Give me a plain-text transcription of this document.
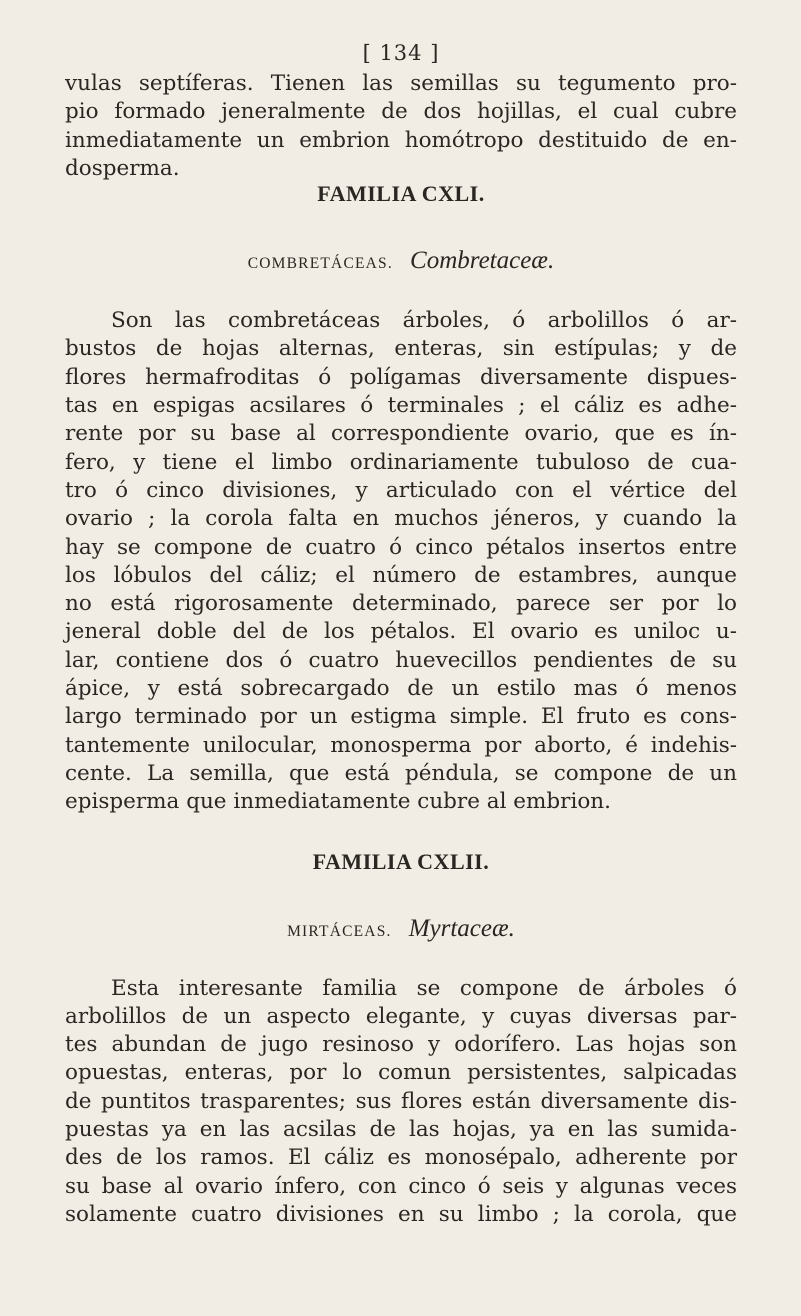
[ 134 ]

vulas septíferas. Tienen las semillas su tegumento pro-
pio formado jeneralmente de dos hojillas, el cual cubre
inmediatamente un embrion homótropo destituido de en-
dosperma.

FAMILIA CXLI.
COMBRETÁCEAS. Combretaceæ.

Son las combretáceas árboles, ó arbolillos ó ar-
bustos de hojas alternas, enteras, sin estípulas; y de
flores hermafroditas ó polígamas diversamente dispues-
tas en espigas acsilares ó terminales ; el cáliz es adhe-
rente por su base al correspondiente ovario, que es ín-
fero, y tiene el limbo ordinariamente tubuloso de cua-
tro ó cinco divisiones, y articulado con el vértice del
ovario ; la corola falta en muchos jéneros, y cuando la
hay se compone de cuatro ó cinco pétalos insertos entre
los lóbulos del cáliz; el número de estambres, aunque
no está rigorosamente determinado, parece ser por lo
jeneral doble del de los pétalos. El ovario es uniloc u-
lar, contiene dos ó cuatro huevecillos pendientes de su
ápice, y está sobrecargado de un estilo mas ó menos
largo terminado por un estigma simple. El fruto es cons-
tantemente unilocular, monosperma por aborto, é indehis-
cente. La semilla, que está péndula, se compone de un
episperma que inmediatamente cubre al embrion.

FAMILIA CXLII.
MIRTÁCEAS. Myrtaceæ.

Esta interesante familia se compone de árboles ó
arbolillos de un aspecto elegante, y cuyas diversas par-
tes abundan de jugo resinoso y odorífero. Las hojas son
opuestas, enteras, por lo comun persistentes, salpicadas
de puntitos trasparentes; sus flores están diversamente dis-
puestas ya en las acsilas de las hojas, ya en las sumida-
des de los ramos. El cáliz es monosépalo, adherente por
su base al ovario ínfero, con cinco ó seis y algunas veces
solamente cuatro divisiones en su limbo ; la corola, que
